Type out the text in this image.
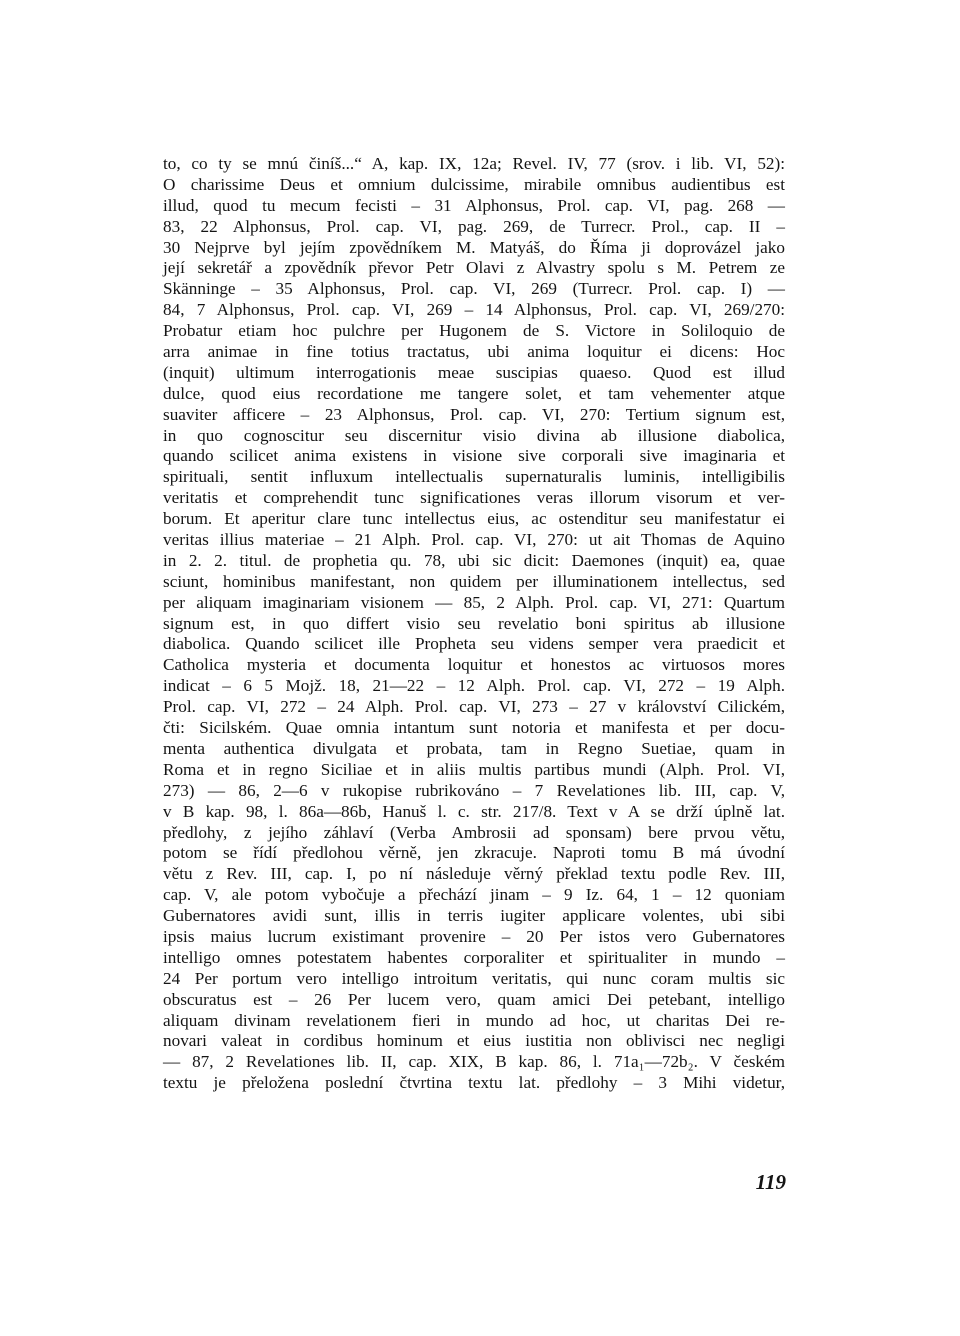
to, co ty se mnú činíš...“ A, kap. IX, 12a; Revel. IV, 77 (srov. i lib. VI, 52):
O charissime Deus et omnium dulcissime, mirabile omnibus audientibus est
illud, quod tu mecum fecisti – 31 Alphonsus, Prol. cap. VI, pag. 268 —
83, 22 Alphonsus, Prol. cap. VI, pag. 269, de Turrecr. Prol., cap. II –
30 Nejprve byl jejím zpovědníkem M. Matyáš, do Říma ji doprovázel jako
její sekretář a zpovědník převor Petr Olavi z Alvastry spolu s M. Petrem ze
Skänninge – 35 Alphonsus, Prol. cap. VI, 269 (Turrecr. Prol. cap. I) —
84, 7 Alphonsus, Prol. cap. VI, 269 – 14 Alphonsus, Prol. cap. VI, 269/270:
Probatur etiam hoc pulchre per Hugonem de S. Victore in Soliloquio de
arra animae in fine totius tractatus, ubi anima loquitur ei dicens: Hoc
(inquit) ultimum interrogationis meae suscipias quaeso. Quod est illud
dulce, quod eius recordatione me tangere solet, et tam vehementer atque
suaviter afficere – 23 Alphonsus, Prol. cap. VI, 270: Tertium signum est,
in quo cognoscitur seu discernitur visio divina ab illusione diabolica,
quando scilicet anima existens in visione sive corporali sive imaginaria et
spirituali, sentit influxum intellectualis supernaturalis luminis, intelligibilis
veritatis et comprehendit tunc significationes veras illorum visorum et ver-
borum. Et aperitur clare tunc intellectus eius, ac ostenditur seu manifestatur ei
veritas illius materiae – 21 Alph. Prol. cap. VI, 270: ut ait Thomas de Aquino
in 2. 2. titul. de prophetia qu. 78, ubi sic dicit: Daemones (inquit) ea, quae
sciunt, hominibus manifestant, non quidem per illuminationem intellectus, sed
per aliquam imaginariam visionem — 85, 2 Alph. Prol. cap. VI, 271: Quartum
signum est, in quo differt visio seu revelatio boni spiritus ab illusione
diabolica. Quando scilicet ille Propheta seu videns semper vera praedicit et
Catholica mysteria et documenta loquitur et honestos ac virtuosos mores
indicat – 6 5 Mojž. 18, 21—22 – 12 Alph. Prol. cap. VI, 272 – 19 Alph.
Prol. cap. VI, 272 – 24 Alph. Prol. cap. VI, 273 – 27 v království Cilickém,
čti: Sicilském. Quae omnia intantum sunt notoria et manifesta et per docu-
menta authentica divulgata et probata, tam in Regno Suetiae, quam in
Roma et in regno Siciliae et in aliis multis partibus mundi (Alph. Prol. VI,
273) — 86, 2—6 v rukopise rubrikováno – 7 Revelationes lib. III, cap. V,
v B kap. 98, l. 86a—86b, Hanuš l. c. str. 217/8. Text v A se drží úplně lat.
předlohy, z jejího záhlaví (Verba Ambrosii ad sponsam) bere prvou větu,
potom se řídí předlohou věrně, jen zkracuje. Naproti tomu B má úvodní
větu z Rev. III, cap. I, po ní následuje věrný překlad textu podle Rev. III,
cap. V, ale potom vybočuje a přechází jinam – 9 Iz. 64, 1 – 12 quoniam
Gubernatores avidi sunt, illis in terris iugiter applicare volentes, ubi sibi
ipsis maius lucrum existimant provenire – 20 Per istos vero Gubernatores
intelligo omnes potestatem habentes corporaliter et spiritualiter in mundo –
24 Per portum vero intelligo introitum veritatis, qui nunc coram multis sic
obscuratus est – 26 Per lucem vero, quam amici Dei petebant, intelligo
aliquam divinam revelationem fieri in mundo ad hoc, ut charitas Dei re-
novari valeat in cordibus hominum et eius iustitia non oblivisci nec negligi
— 87, 2 Revelationes lib. II, cap. XIX, B kap. 86, l. 71a₁—72b₂. V českém
textu je přeložena poslední čtvrtina textu lat. předlohy – 3 Mihi videtur,
119
